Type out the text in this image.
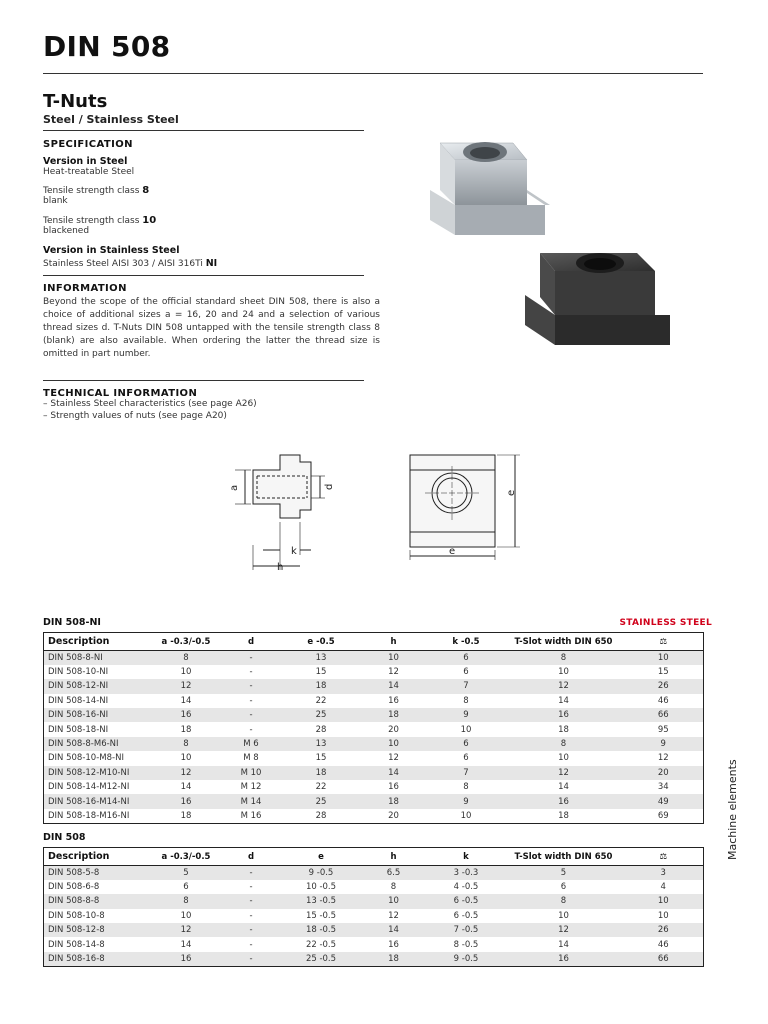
DIN 508
T-Nuts
Steel / Stainless Steel
SPECIFICATION
Version in Steel
Heat-treatable Steel
Tensile strength class 8
blank
Tensile strength class 10
blackened
Version in Stainless Steel
Stainless Steel AISI 303 / AISI 316Ti NI
INFORMATION
Beyond the scope of the official standard sheet DIN 508, there is also a choice of additional sizes a = 16, 20 and 24 and a selection of various thread sizes d. T-Nuts DIN 508 untapped with the tensile strength class 8 (blank) are also available. When ordering the latter the thread size is omitted in part number.
TECHNICAL INFORMATION
– Stainless Steel characteristics (see page A26)
– Strength values of nuts (see page A20)
a	d
k
h
e
e
DIN 508-NI	STAINLESS STEEL
Description	a -0.3/-0.5	d	e -0.5	h	k -0.5	T-Slot width DIN 650	⚖
DIN 508-8-NI	8	-	13	10	6	8	10
DIN 508-10-NI	10	-	15	12	6	10	15
DIN 508-12-NI	12	-	18	14	7	12	26
DIN 508-14-NI	14	-	22	16	8	14	46
DIN 508-16-NI	16	-	25	18	9	16	66
DIN 508-18-NI	18	-	28	20	10	18	95
DIN 508-8-M6-NI	8	M 6	13	10	6	8	9
DIN 508-10-M8-NI	10	M 8	15	12	6	10	12
DIN 508-12-M10-NI	12	M 10	18	14	7	12	20
DIN 508-14-M12-NI	14	M 12	22	16	8	14	34
DIN 508-16-M14-NI	16	M 14	25	18	9	16	49
DIN 508-18-M16-NI	18	M 16	28	20	10	18	69
DIN 508
Description	a -0.3/-0.5	d	e	h	k	T-Slot width DIN 650	⚖
DIN 508-5-8	5	-	9 -0.5	6.5	3 -0.3	5	3
DIN 508-6-8	6	-	10 -0.5	8	4 -0.5	6	4
DIN 508-8-8	8	-	13 -0.5	10	6 -0.5	8	10
DIN 508-10-8	10	-	15 -0.5	12	6 -0.5	10	10
DIN 508-12-8	12	-	18 -0.5	14	7 -0.5	12	26
DIN 508-14-8	14	-	22 -0.5	16	8 -0.5	14	46
DIN 508-16-8	16	-	25 -0.5	18	9 -0.5	16	66
Machine elements
